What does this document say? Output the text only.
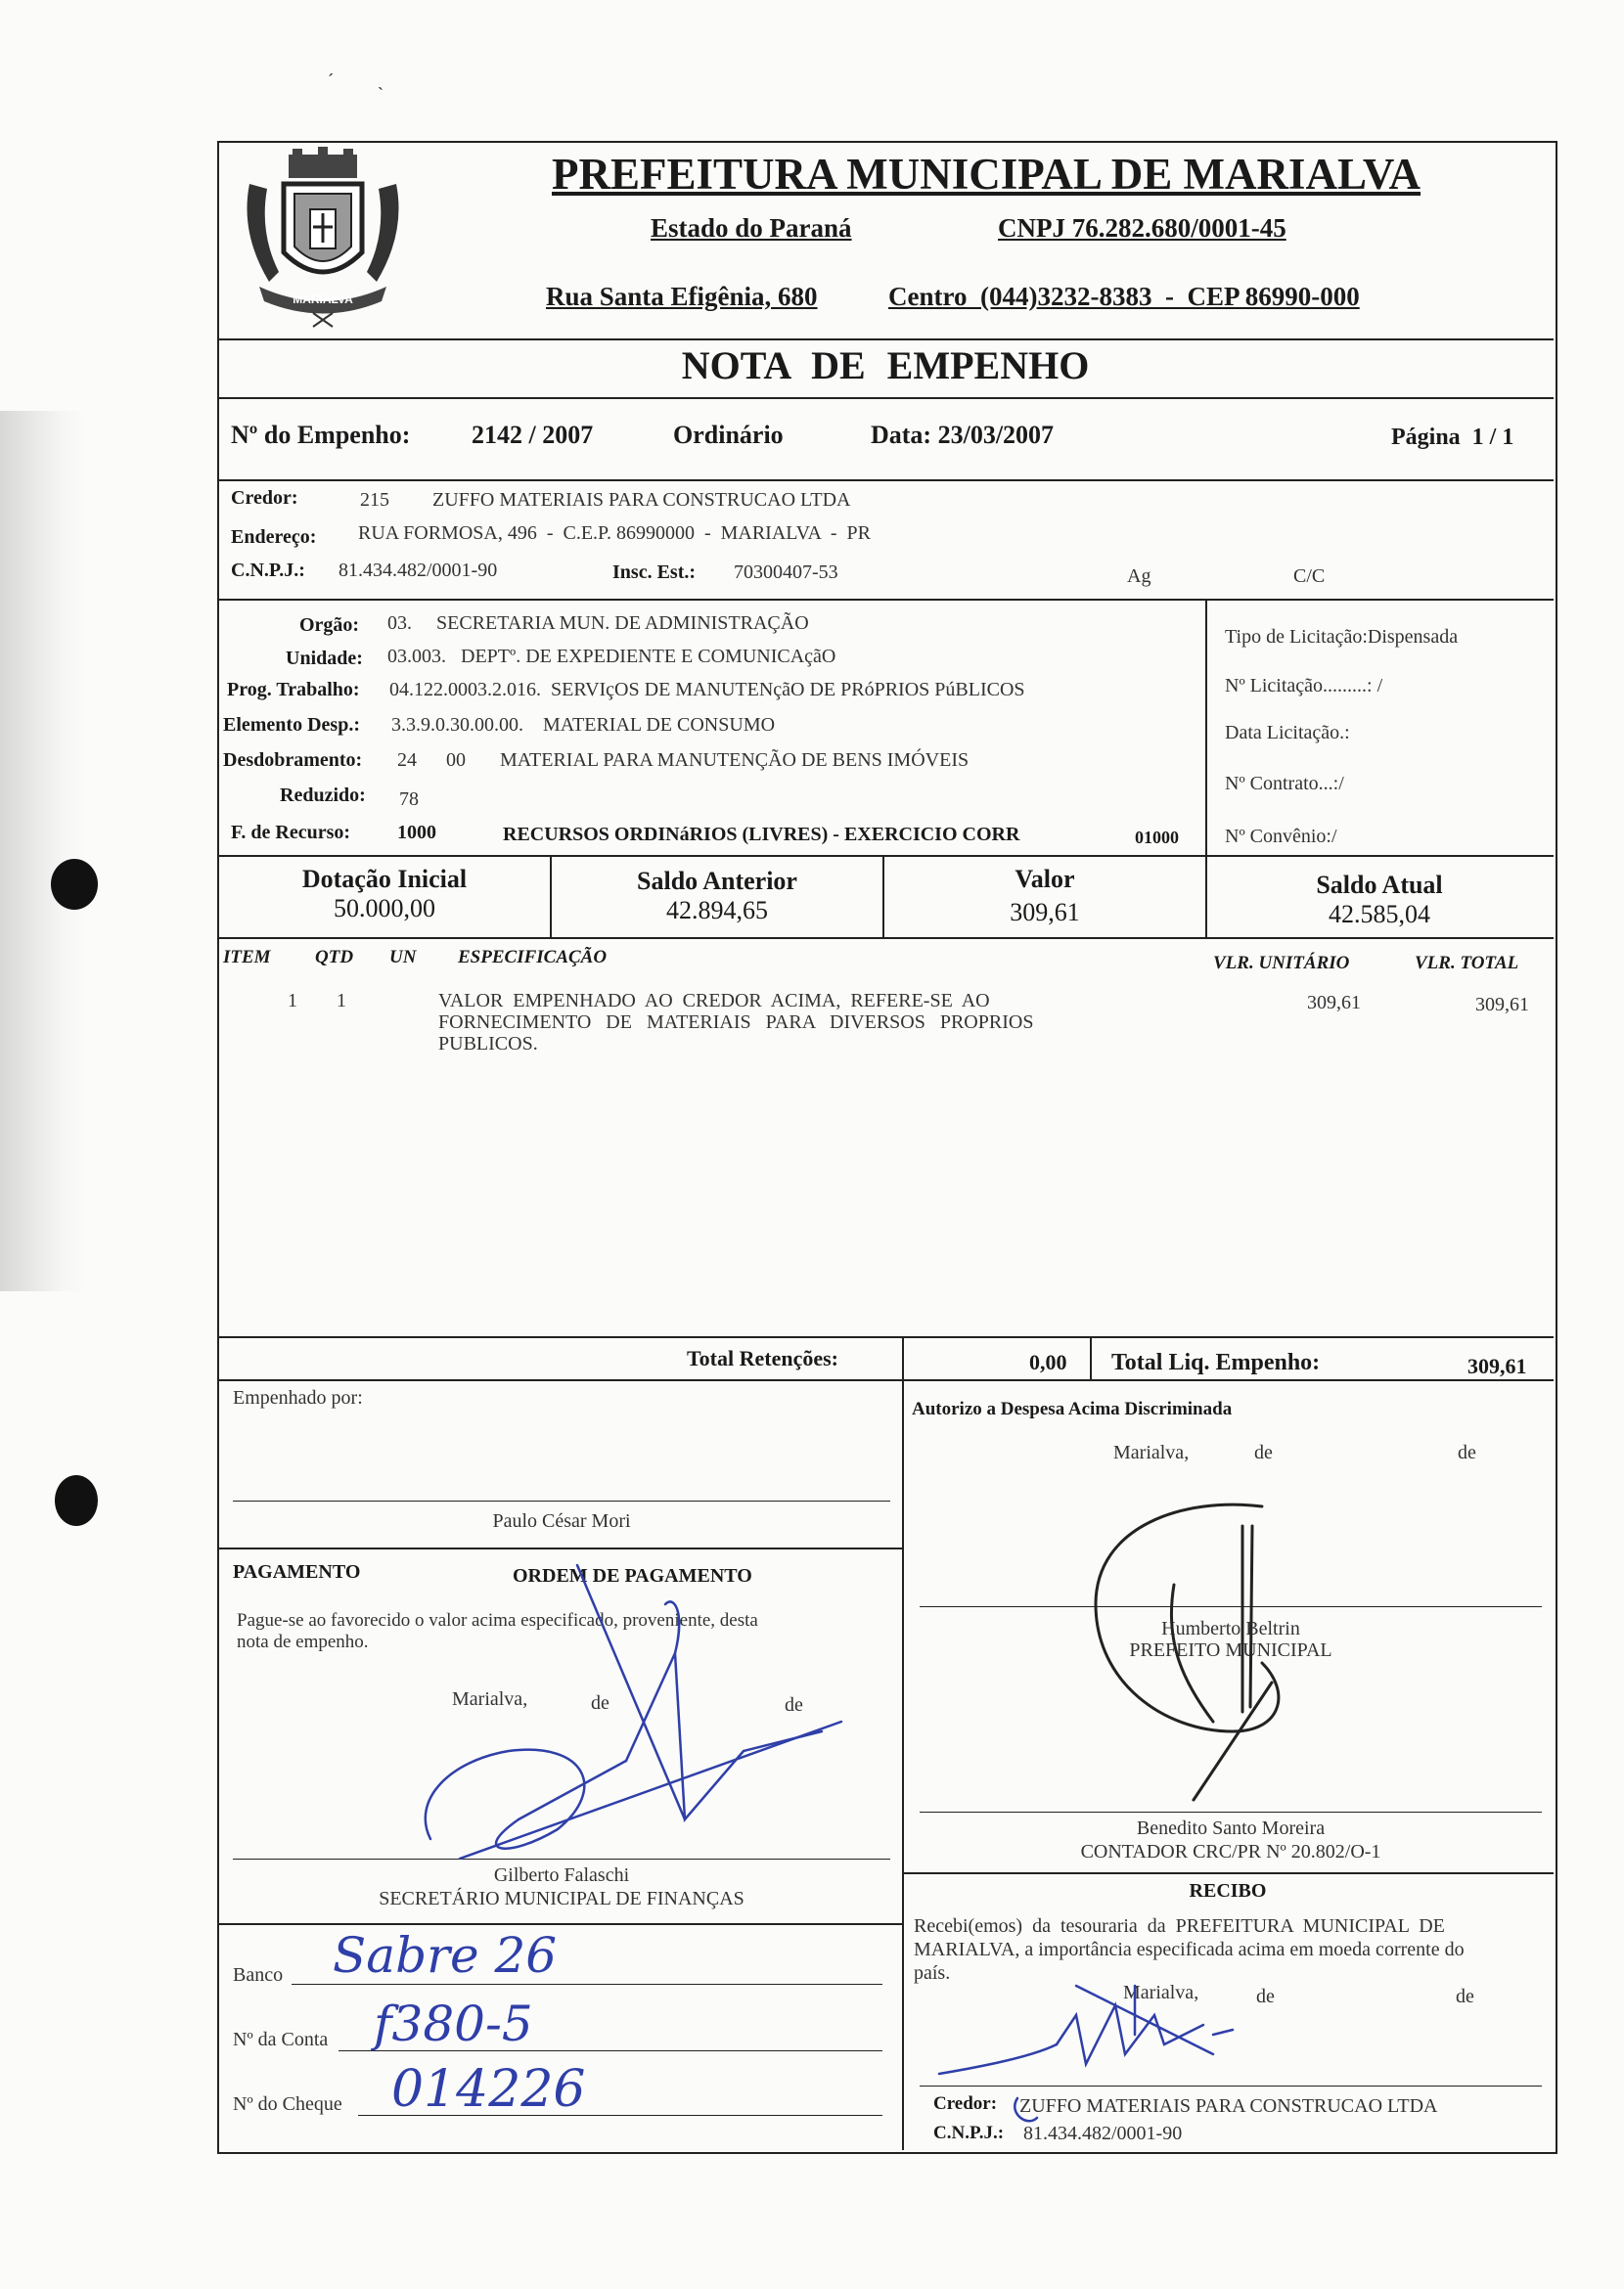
ˊ          ˎ
MARIALVA
PREFEITURA MUNICIPAL DE MARIALVA
Estado do Paraná	CNPJ 76.282.680/0001-45
Rua Santa Efigênia, 680	Centro  (044)3232-8383  -  CEP 86990-000
NOTA DE EMPENHO
Nº do Empenho: 2142 / 2007	Ordinário	Data: 23/03/2007	Página  1 / 1
Credor:	215 ZUFFO MATERIAIS PARA CONSTRUCAO LTDA
Endereço: RUA FORMOSA, 496  -  C.E.P. 86990000  -  MARIALVA  -  PR
C.N.P.J.: 81.434.482/0001-90	Insc. Est.: 70300407-53	Ag	C/C
Orgão: 03.     SECRETARIA MUN. DE ADMINISTRAÇÃO
Unidade: 03.003.   DEPTº. DE EXPEDIENTE E COMUNICAçãO
Prog. Trabalho: 04.122.0003.2.016.  SERVIçOS DE MANUTENçãO DE PRóPRIOS PúBLICOS
Elemento Desp.: 3.3.9.0.30.00.00.    MATERIAL DE CONSUMO
Desdobramento: 24      00       MATERIAL PARA MANUTENÇÃO DE BENS IMÓVEIS
Reduzido: 78
F. de Recurso: 1000	RECURSOS ORDINáRIOS (LIVRES) - EXERCICIO CORR	01000
Tipo de Licitação:Dispensada
Nº Licitação.........: /
Data Licitação.:
Nº Contrato...:/
Nº Convênio:/
Dotação Inicial
50.000,00
Saldo Anterior
42.894,65
Valor
309,61
Saldo Atual
42.585,04
ITEM QTD UN ESPECIFICAÇÃO	VLR. UNITÁRIO	VLR. TOTAL
1 1	VALOR  EMPENHADO  AO  CREDOR  ACIMA,  REFERE-SE  AO
FORNECIMENTO   DE   MATERIAIS   PARA   DIVERSOS   PROPRIOS
PUBLICOS.
309,61	309,61
Total Retenções:	0,00 Total Liq. Empenho:	309,61
Empenhado por:
Paulo César Mori
PAGAMENTO	ORDEM DE PAGAMENTO
Pague-se ao favorecido o valor acima especificado, proveniente, desta
nota de empenho.
Marialva,	de	de
Gilberto Falaschi
SECRETÁRIO MUNICIPAL DE FINANÇAS
Banco Sabre 26
Nº da Conta f380-5
Nº do Cheque 014226
Autorizo a Despesa Acima Discriminada
Marialva,	de	de
Humberto Beltrin
PREFEITO MUNICIPAL
Benedito Santo Moreira
CONTADOR CRC/PR Nº 20.802/O-1
RECIBO
Recebi(emos)  da  tesouraria  da  PREFEITURA  MUNICIPAL  DE
MARIALVA, a importância especificada acima em moeda corrente do
país.
Marialva,	de	de
Credor: ZUFFO MATERIAIS PARA CONSTRUCAO LTDA
C.N.P.J.: 81.434.482/0001-90
